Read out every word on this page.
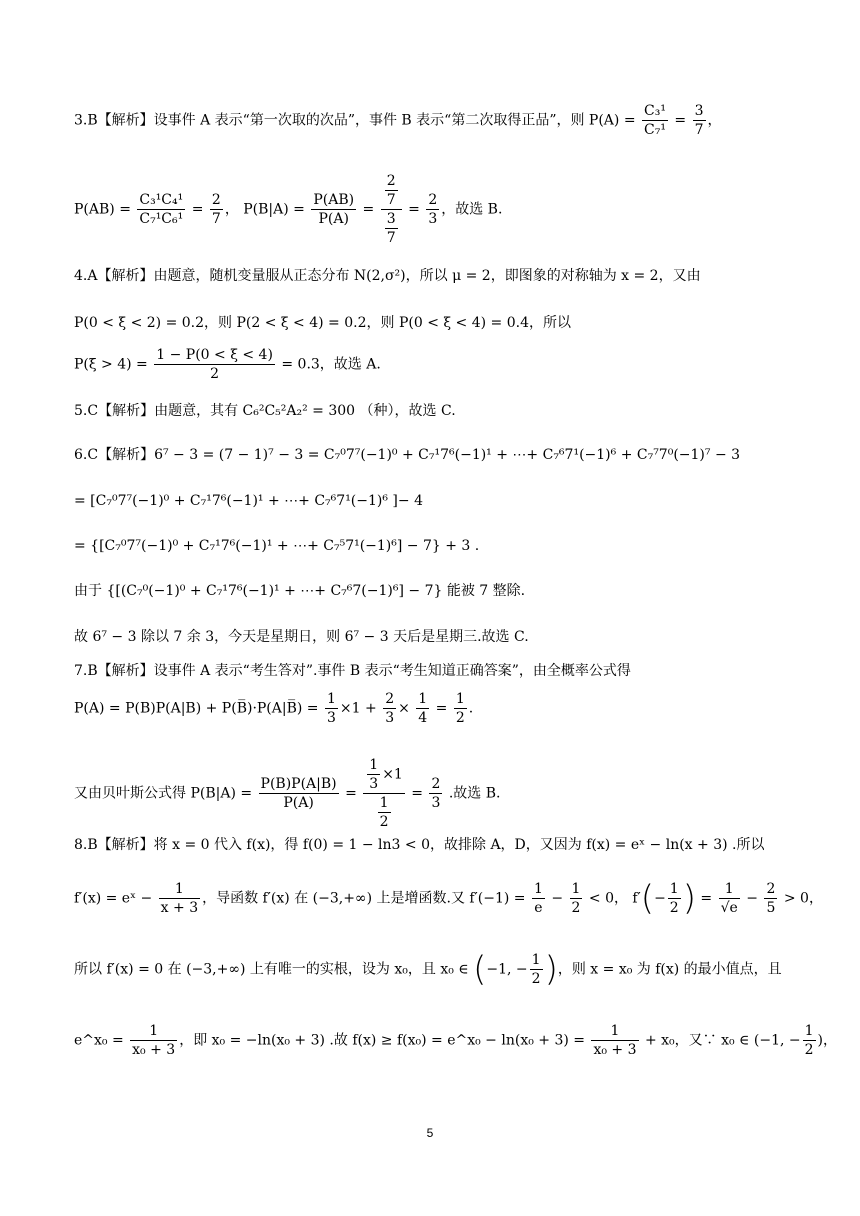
3.B【解析】设事件 A 表示“第一次取的次品”，事件 B 表示“第二次取得正品”，则 $P(A) = \frac{\text{C₃¹}}{\text{C₇¹}} = \frac{3}{7}$ ，
$P(AB) = \frac{\text{C₃¹C₄¹}}{\text{C₇¹C₆¹}} = \frac{2}{7}$ ， $P(B|A) = \frac{P(AB)}{P(A)} = \frac{\frac{2}{7}}{\frac{3}{7}} = \frac{2}{3}$ ，故选 B.
4.A【解析】由题意，随机变量服从正态分布 N(2,σ²)，所以 μ = 2，即图象的对称轴为 x = 2，又由
P(0 < ξ < 2) = 0.2，则 P(2 < ξ < 4) = 0.2，则 P(0 < ξ < 4) = 0.4，所以
$P(\xi > 4) = \frac{1 - P(0 < \xi < 4)}{2} = 0.3$，故选 A.
5.C【解析】由题意，其有 C₆²C₅²A₂² = 300 （种），故选 C.
6.C【解析】6⁷ − 3 = (7 − 1)⁷ − 3 = C₇⁰7⁷(−1)⁰ + C₇¹7⁶(−1)¹ + ⋯+ C₇⁶7¹(−1)⁶ + C₇⁷7⁰(−1)⁷ − 3
= [C₇⁰7⁷(−1)⁰ + C₇¹7⁶(−1)¹ + ⋯+ C₇⁶7¹(−1)⁶ ]− 4
= {[C₇⁰7⁷(−1)⁰ + C₇¹7⁶(−1)¹ + ⋯+ C₇⁵7¹(−1)⁶] − 7} + 3 .
由于 {[(C₇⁰(−1)⁰ + C₇¹7⁶(−1)¹ + ⋯+ C₇⁶7(−1)⁶] − 7} 能被 7 整除.
故 6⁷ − 3 除以 7 余 3，今天是星期日，则 6⁷ − 3 天后是星期三.故选 C.
7.B【解析】设事件 A 表示“考生答对”.事件 B 表示“考生知道正确答案”，由全概率公式得
P(A) = P(B)P(A|B) + P(B̅)·P(A|B̅) = $\frac{1}{3} \times 1 + \frac{2}{3} \times \frac{1}{4} = \frac{1}{2}$ .
又由贝叶斯公式得 $P(B|A) = \frac{P(B)P(A|B)}{P(A)} = \frac{\frac{1}{3} \times 1}{\frac{1}{2}} = \frac{2}{3}$ .故选 B.
8.B【解析】将 x = 0 代入 f(x)，得 f(0) = 1 − ln3 < 0，故排除 A，D，又因为 f(x) = eˣ − ln(x + 3) .所以
f′(x) = eˣ − $\frac{1}{x + 3}$ ，导函数 f′(x) 在 (−3,+∞) 上是增函数.又 $f'(-1) = \frac{1}{e} - \frac{1}{2} < 0$， $f'(- \frac{1}{2}$ ) = $\frac{1}{√e} - \frac{2}{5} > 0$，
所以 f′(x) = 0 在 (−3,+∞) 上有唯一的实根，设为 x₀，且 x₀ ∈ (−1, − $\frac{1}{2}$ )，则 x = x₀ 为 f(x) 的最小值点，且
e^x₀ = $\frac{1}{\text{x₀ + 3}}$ ，即 x₀ = −ln(x₀ + 3) .故 f(x) ≥ f(x₀) = e^x₀ − $\ln(x_0 + 3) = \frac{1}{\text{x₀ + 3}} + x_0$，又∵ x₀ ∈ (−1, − $\frac{1}{2}$ )，
5
